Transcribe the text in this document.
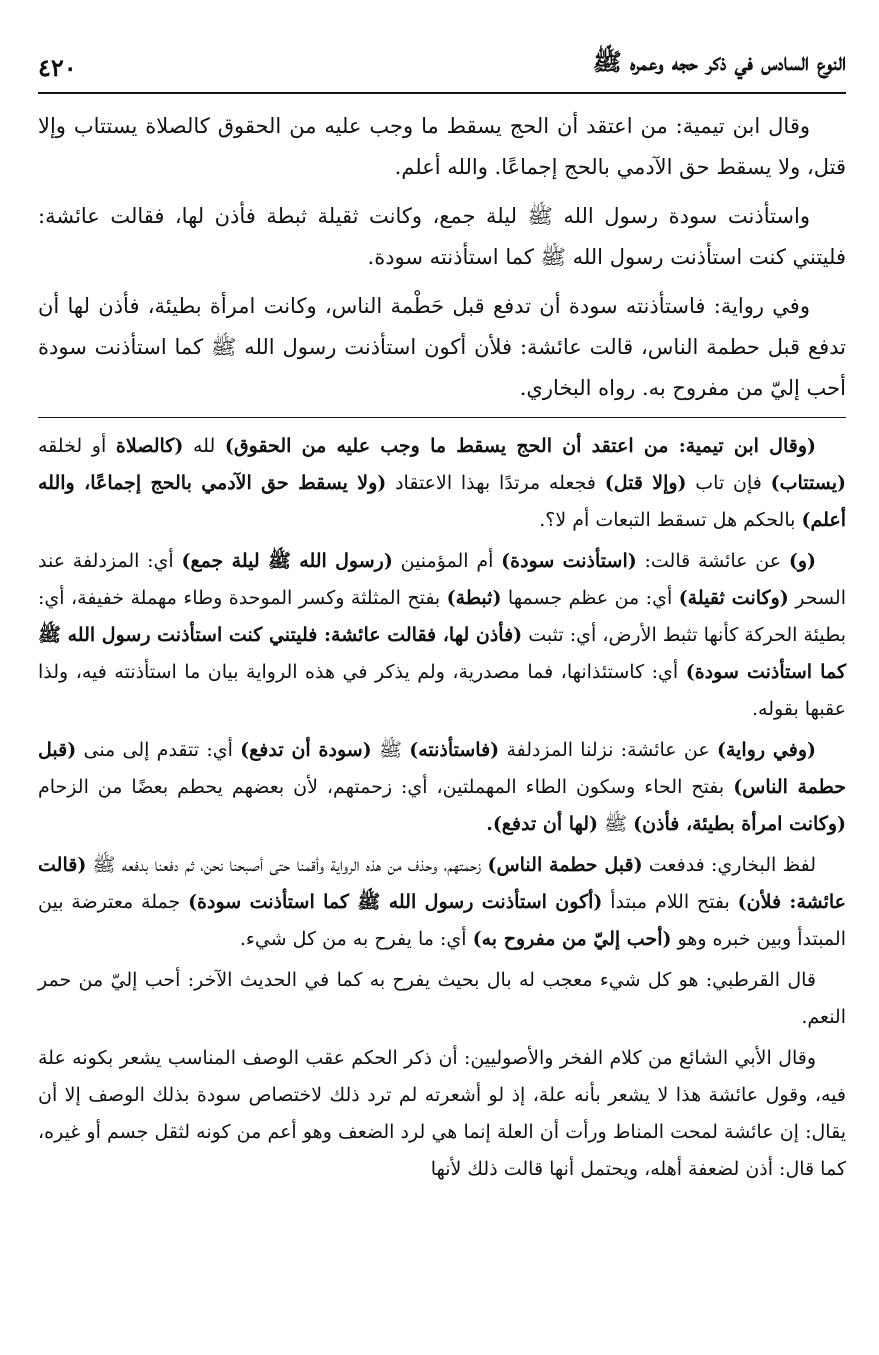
النوع السادس في ذكر حجه وعمره ﷺ
٤٢٠

وقال ابن تيمية: من اعتقد أن الحج يسقط ما وجب عليه من الحقوق كالصلاة يستتاب وإلا قتل، ولا يسقط حق الآدمي بالحج إجماعًا. والله أعلم.

واستأذنت سودة رسول الله ﷺ ليلة جمع، وكانت ثقيلة ثبطة فأذن لها، فقالت عائشة: فليتني كنت استأذنت رسول الله ﷺ كما استأذنته سودة.

وفي رواية: فاستأذنته سودة أن تدفع قبل حَطْمة الناس، وكانت امرأة بطيئة، فأذن لها أن تدفع قبل حطمة الناس، قالت عائشة: فلأن أكون استأذنت رسول الله ﷺ كما استأذنت سودة أحب إليّ من مفروح به. رواه البخاري.

(وقال ابن تيمية: من اعتقد أن الحج يسقط ما وجب عليه من الحقوق) لله (كالصلاة أو لخلقه (يستتاب) فإن تاب (وإلا قتل) فجعله مرتدًا بهذا الاعتقاد (ولا يسقط حق الآدمي بالحج إجماعًا، والله أعلم) بالحكم هل تسقط التبعات أم لا؟.

(و) عن عائشة قالت: (استأذنت سودة) أم المؤمنين (رسول الله ﷺ ليلة جمع) أي: المزدلفة عند السحر (وكانت ثقيلة) أي: من عظم جسمها (ثبطة) بفتح المثلثة وكسر الموحدة وطاء مهملة خفيفة، أي: بطيئة الحركة كأنها تثبط الأرض، أي: تثبت (فأذن لها، فقالت عائشة: فليتني كنت استأذنت رسول الله ﷺ كما استأذنت سودة) أي: كاستئذانها، فما مصدرية، ولم يذكر في هذه الرواية بيان ما استأذنته فيه، ولذا عقبها بقوله.

(وفي رواية) عن عائشة: نزلنا المزدلفة (فاستأذنته) ﷺ (سودة أن تدفع) أي: تتقدم إلى منى (قبل حطمة الناس) بفتح الحاء وسكون الطاء المهملتين، أي: زحمتهم، لأن بعضهم يحطم بعضًا من الزحام (وكانت امرأة بطيئة، فأذن) ﷺ (لها أن تدفع).

لفظ البخاري: فدفعت (قبل حطمة الناس) زحمتهم، وحذف من هذه الرواية وأقمنا حتى أصبحنا نحن، ثم دفعنا بدفعه ﷺ (قالت عائشة: فلأن) بفتح اللام مبتدأ (أكون استأذنت رسول الله ﷺ كما استأذنت سودة) جملة معترضة بين المبتدأ وبين خبره وهو (أحب إليّ من مفروح به) أي: ما يفرح به من كل شيء.

قال القرطبي: هو كل شيء معجب له بال بحيث يفرح به كما في الحديث الآخر: أحب إليّ من حمر النعم.

وقال الأبي الشائع من كلام الفخر والأصوليين: أن ذكر الحكم عقب الوصف المناسب يشعر بكونه علة فيه، وقول عائشة هذا لا يشعر بأنه علة، إذ لو أشعرته لم ترد ذلك لاختصاص سودة بذلك الوصف إلا أن يقال: إن عائشة لمحت المناط ورأت أن العلة إنما هي لرد الضعف وهو أعم من كونه لثقل جسم أو غيره، كما قال: أذن لضعفة أهله، ويحتمل أنها قالت ذلك لأنها
